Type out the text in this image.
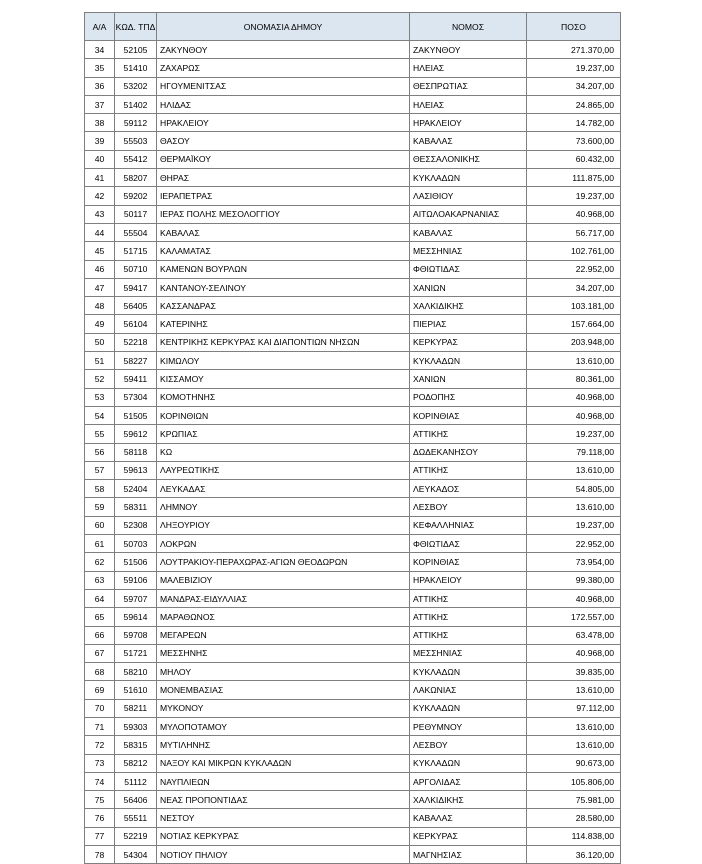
Α/Α	ΚΩΔ. ΤΠΔ	ΟΝΟΜΑΣΙΑ ΔΗΜΟΥ	ΝΟΜΟΣ	ΠΟΣΟ
34	52105	ΖΑΚΥΝΘΟΥ	ΖΑΚΥΝΘΟΥ	271.370,00
35	51410	ΖΑΧΑΡΩΣ	ΗΛΕΙΑΣ	19.237,00
36	53202	ΗΓΟΥΜΕΝΙΤΣΑΣ	ΘΕΣΠΡΩΤΙΑΣ	34.207,00
37	51402	ΗΛΙΔΑΣ	ΗΛΕΙΑΣ	24.865,00
38	59112	ΗΡΑΚΛΕΙΟΥ	ΗΡΑΚΛΕΙΟΥ	14.782,00
39	55503	ΘΑΣΟΥ	ΚΑΒΑΛΑΣ	73.600,00
40	55412	ΘΕΡΜΑΪΚΟΥ	ΘΕΣΣΑΛΟΝΙΚΗΣ	60.432,00
41	58207	ΘΗΡΑΣ	ΚΥΚΛΑΔΩΝ	111.875,00
42	59202	ΙΕΡΑΠΕΤΡΑΣ	ΛΑΣΙΘΙΟΥ	19.237,00
43	50117	ΙΕΡΑΣ ΠΟΛΗΣ ΜΕΣΟΛΟΓΓΙΟΥ	ΑΙΤΩΛΟΑΚΑΡΝΑΝΙΑΣ	40.968,00
44	55504	ΚΑΒΑΛΑΣ	ΚΑΒΑΛΑΣ	56.717,00
45	51715	ΚΑΛΑΜΑΤΑΣ	ΜΕΣΣΗΝΙΑΣ	102.761,00
46	50710	ΚΑΜΕΝΩΝ ΒΟΥΡΛΩΝ	ΦΘΙΩΤΙΔΑΣ	22.952,00
47	59417	ΚΑΝΤΑΝΟΥ-ΣΕΛΙΝΟΥ	ΧΑΝΙΩΝ	34.207,00
48	56405	ΚΑΣΣΑΝΔΡΑΣ	ΧΑΛΚΙΔΙΚΗΣ	103.181,00
49	56104	ΚΑΤΕΡΙΝΗΣ	ΠΙΕΡΙΑΣ	157.664,00
50	52218	ΚΕΝΤΡΙΚΗΣ ΚΕΡΚΥΡΑΣ ΚΑΙ ΔΙΑΠΟΝΤΙΩΝ ΝΗΣΩΝ	ΚΕΡΚΥΡΑΣ	203.948,00
51	58227	ΚΙΜΩΛΟΥ	ΚΥΚΛΑΔΩΝ	13.610,00
52	59411	ΚΙΣΣΑΜΟΥ	ΧΑΝΙΩΝ	80.361,00
53	57304	ΚΟΜΟΤΗΝΗΣ	ΡΟΔΟΠΗΣ	40.968,00
54	51505	ΚΟΡΙΝΘΙΩΝ	ΚΟΡΙΝΘΙΑΣ	40.968,00
55	59612	ΚΡΩΠΙΑΣ	ΑΤΤΙΚΗΣ	19.237,00
56	58118	ΚΩ	ΔΩΔΕΚΑΝΗΣΟΥ	79.118,00
57	59613	ΛΑΥΡΕΩΤΙΚΗΣ	ΑΤΤΙΚΗΣ	13.610,00
58	52404	ΛΕΥΚΑΔΑΣ	ΛΕΥΚΑΔΟΣ	54.805,00
59	58311	ΛΗΜΝΟΥ	ΛΕΣΒΟΥ	13.610,00
60	52308	ΛΗΞΟΥΡΙΟΥ	ΚΕΦΑΛΛΗΝΙΑΣ	19.237,00
61	50703	ΛΟΚΡΩΝ	ΦΘΙΩΤΙΔΑΣ	22.952,00
62	51506	ΛΟΥΤΡΑΚΙΟΥ-ΠΕΡΑΧΩΡΑΣ-ΑΓΙΩΝ ΘΕΟΔΩΡΩΝ	ΚΟΡΙΝΘΙΑΣ	73.954,00
63	59106	ΜΑΛΕΒΙΖΙΟΥ	ΗΡΑΚΛΕΙΟΥ	99.380,00
64	59707	ΜΑΝΔΡΑΣ-ΕΙΔΥΛΛΙΑΣ	ΑΤΤΙΚΗΣ	40.968,00
65	59614	ΜΑΡΑΘΩΝΟΣ	ΑΤΤΙΚΗΣ	172.557,00
66	59708	ΜΕΓΑΡΕΩΝ	ΑΤΤΙΚΗΣ	63.478,00
67	51721	ΜΕΣΣΗΝΗΣ	ΜΕΣΣΗΝΙΑΣ	40.968,00
68	58210	ΜΗΛΟΥ	ΚΥΚΛΑΔΩΝ	39.835,00
69	51610	ΜΟΝΕΜΒΑΣΙΑΣ	ΛΑΚΩΝΙΑΣ	13.610,00
70	58211	ΜΥΚΟΝΟΥ	ΚΥΚΛΑΔΩΝ	97.112,00
71	59303	ΜΥΛΟΠΟΤΑΜΟΥ	ΡΕΘΥΜΝΟΥ	13.610,00
72	58315	ΜΥΤΙΛΗΝΗΣ	ΛΕΣΒΟΥ	13.610,00
73	58212	ΝΑΞΟΥ ΚΑΙ ΜΙΚΡΩΝ ΚΥΚΛΑΔΩΝ	ΚΥΚΛΑΔΩΝ	90.673,00
74	51112	ΝΑΥΠΛΙΕΩΝ	ΑΡΓΟΛΙΔΑΣ	105.806,00
75	56406	ΝΕΑΣ ΠΡΟΠΟΝΤΙΔΑΣ	ΧΑΛΚΙΔΙΚΗΣ	75.981,00
76	55511	ΝΕΣΤΟΥ	ΚΑΒΑΛΑΣ	28.580,00
77	52219	ΝΟΤΙΑΣ ΚΕΡΚΥΡΑΣ	ΚΕΡΚΥΡΑΣ	114.838,00
78	54304	ΝΟΤΙΟΥ ΠΗΛΙΟΥ	ΜΑΓΝΗΣΙΑΣ	36.120,00
